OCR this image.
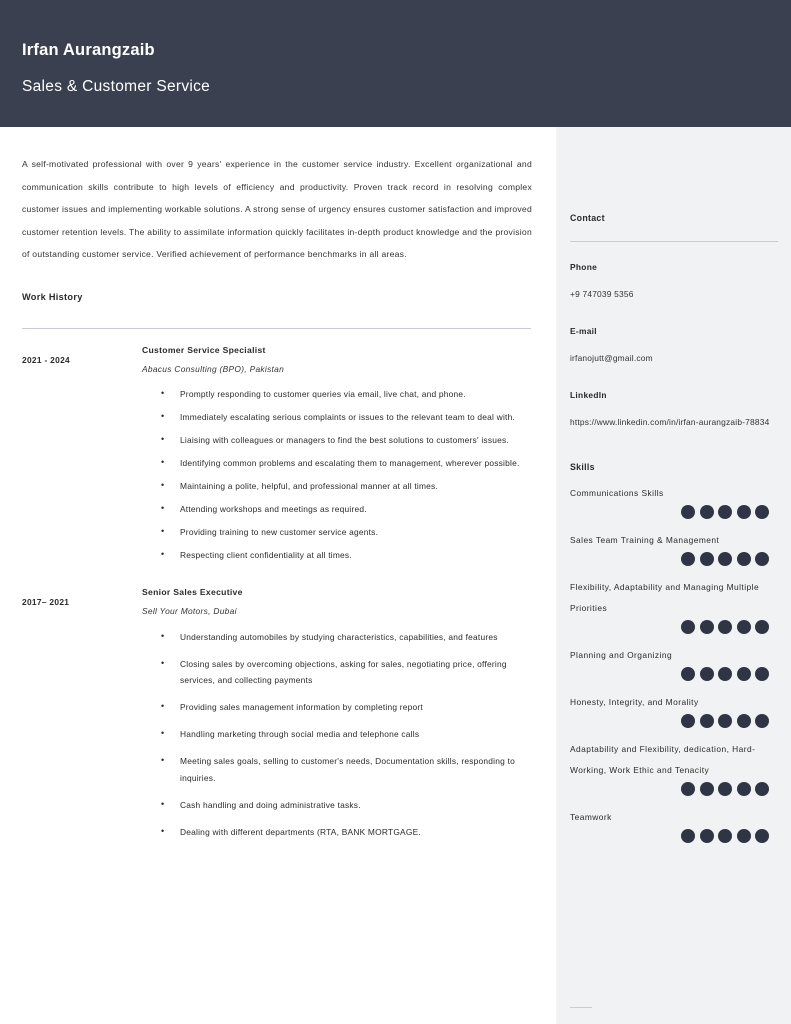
Irfan Aurangzaib
Sales & Customer Service
A self-motivated professional with over 9 years' experience in the customer service industry. Excellent organizational and communication skills contribute to high levels of efficiency and productivity. Proven track record in resolving complex customer issues and implementing workable solutions. A strong sense of urgency ensures customer satisfaction and improved customer retention levels. The ability to assimilate information quickly facilitates in-depth product knowledge and the provision of outstanding customer service. Verified achievement of performance benchmarks in all areas.
Work History
2021 - 2024
Customer Service Specialist
Abacus Consulting (BPO), Pakistan
• Promptly responding to customer queries via email, live chat, and phone.
• Immediately escalating serious complaints or issues to the relevant team to deal with.
• Liaising with colleagues or managers to find the best solutions to customers' issues.
• Identifying common problems and escalating them to management, wherever possible.
• Maintaining a polite, helpful, and professional manner at all times.
• Attending workshops and meetings as required.
• Providing training to new customer service agents.
• Respecting client confidentiality at all times.
2017– 2021
Senior Sales Executive
Sell Your Motors, Dubai
• Understanding automobiles by studying characteristics, capabilities, and features
• Closing sales by overcoming objections, asking for sales, negotiating price, offering services, and collecting payments
• Providing sales management information by completing report
• Handling marketing through social media and telephone calls
• Meeting sales goals, selling to customer's needs, Documentation skills, responding to inquiries.
• Cash handling and doing administrative tasks.
• Dealing with different departments (RTA, BANK MORTGAGE.
Contact
Phone
+9 747039 5356
E-mail
irfanojutt@gmail.com
LinkedIn
https://www.linkedin.com/in/irfan-aurangzaib-78834
Skills
Communications Skills
Sales Team Training & Management
Flexibility, Adaptability and Managing Multiple Priorities
Planning and Organizing
Honesty, Integrity, and Morality
Adaptability and Flexibility, dedication, Hard-Working, Work Ethic and Tenacity
Teamwork
